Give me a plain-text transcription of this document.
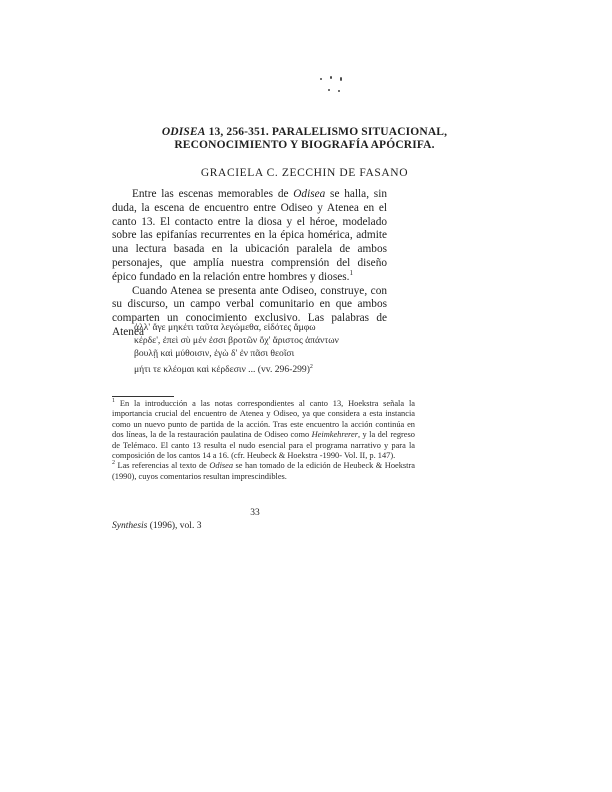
ODISEA 13, 256-351. PARALELISMO SITUACIONAL,
RECONOCIMIENTO Y BIOGRAFÍA APÓCRIFA.
GRACIELA C. ZECCHIN DE FASANO

Entre las escenas memorables de Odisea se halla, sin duda, la escena de encuentro entre Odiseo y Atenea en el canto 13. El contacto entre la diosa y el héroe, modelado sobre las epifanías recurrentes en la épica homérica, admite una lectura basada en la ubicación paralela de ambos personajes, que amplía nuestra comprensión del diseño épico fundado en la relación entre hombres y dioses.$^1$

Cuando Atenea se presenta ante Odiseo, construye, con su discurso, un campo verbal comunitario en que ambos comparten un conocimiento exclusivo. Las palabras de Atenea

ἀλλ' ἄγε μηκέτι ταῦτα λεγώμεθα, εἰδότες ἄμφω
κέρδε', ἐπεὶ σὺ μέν ἐσσι βροτῶν ὄχ' ἄριστος ἁπάντων
βουλῇ καὶ μύθοισιν, ἐγὼ δ' ἐν πᾶσι θεοῖσι
μήτι τε κλέομαι καὶ κέρδεσιν ... (vv. 296-299)$^2$

$^1$ En la introducción a las notas correspondientes al canto 13, Hoekstra señala la importancia crucial del encuentro de Atenea y Odiseo, ya que considera a esta instancia como un nuevo punto de partida de la acción. Tras este encuentro la acción continúa en dos líneas, la de la restauración paulatina de Odiseo como Heimkehrerer, y la del regreso de Telémaco. El canto 13 resulta el nudo esencial para el programa narrativo y para la composición de los cantos 14 a 16. (cfr. Heubeck & Hoekstra -1990- Vol. II, p. 147).

$^2$ Las referencias al texto de Odisea se han tomado de la edición de Heubeck & Hoekstra (1990), cuyos comentarios resultan imprescindibles.

33
Synthesis (1996), vol. 3
